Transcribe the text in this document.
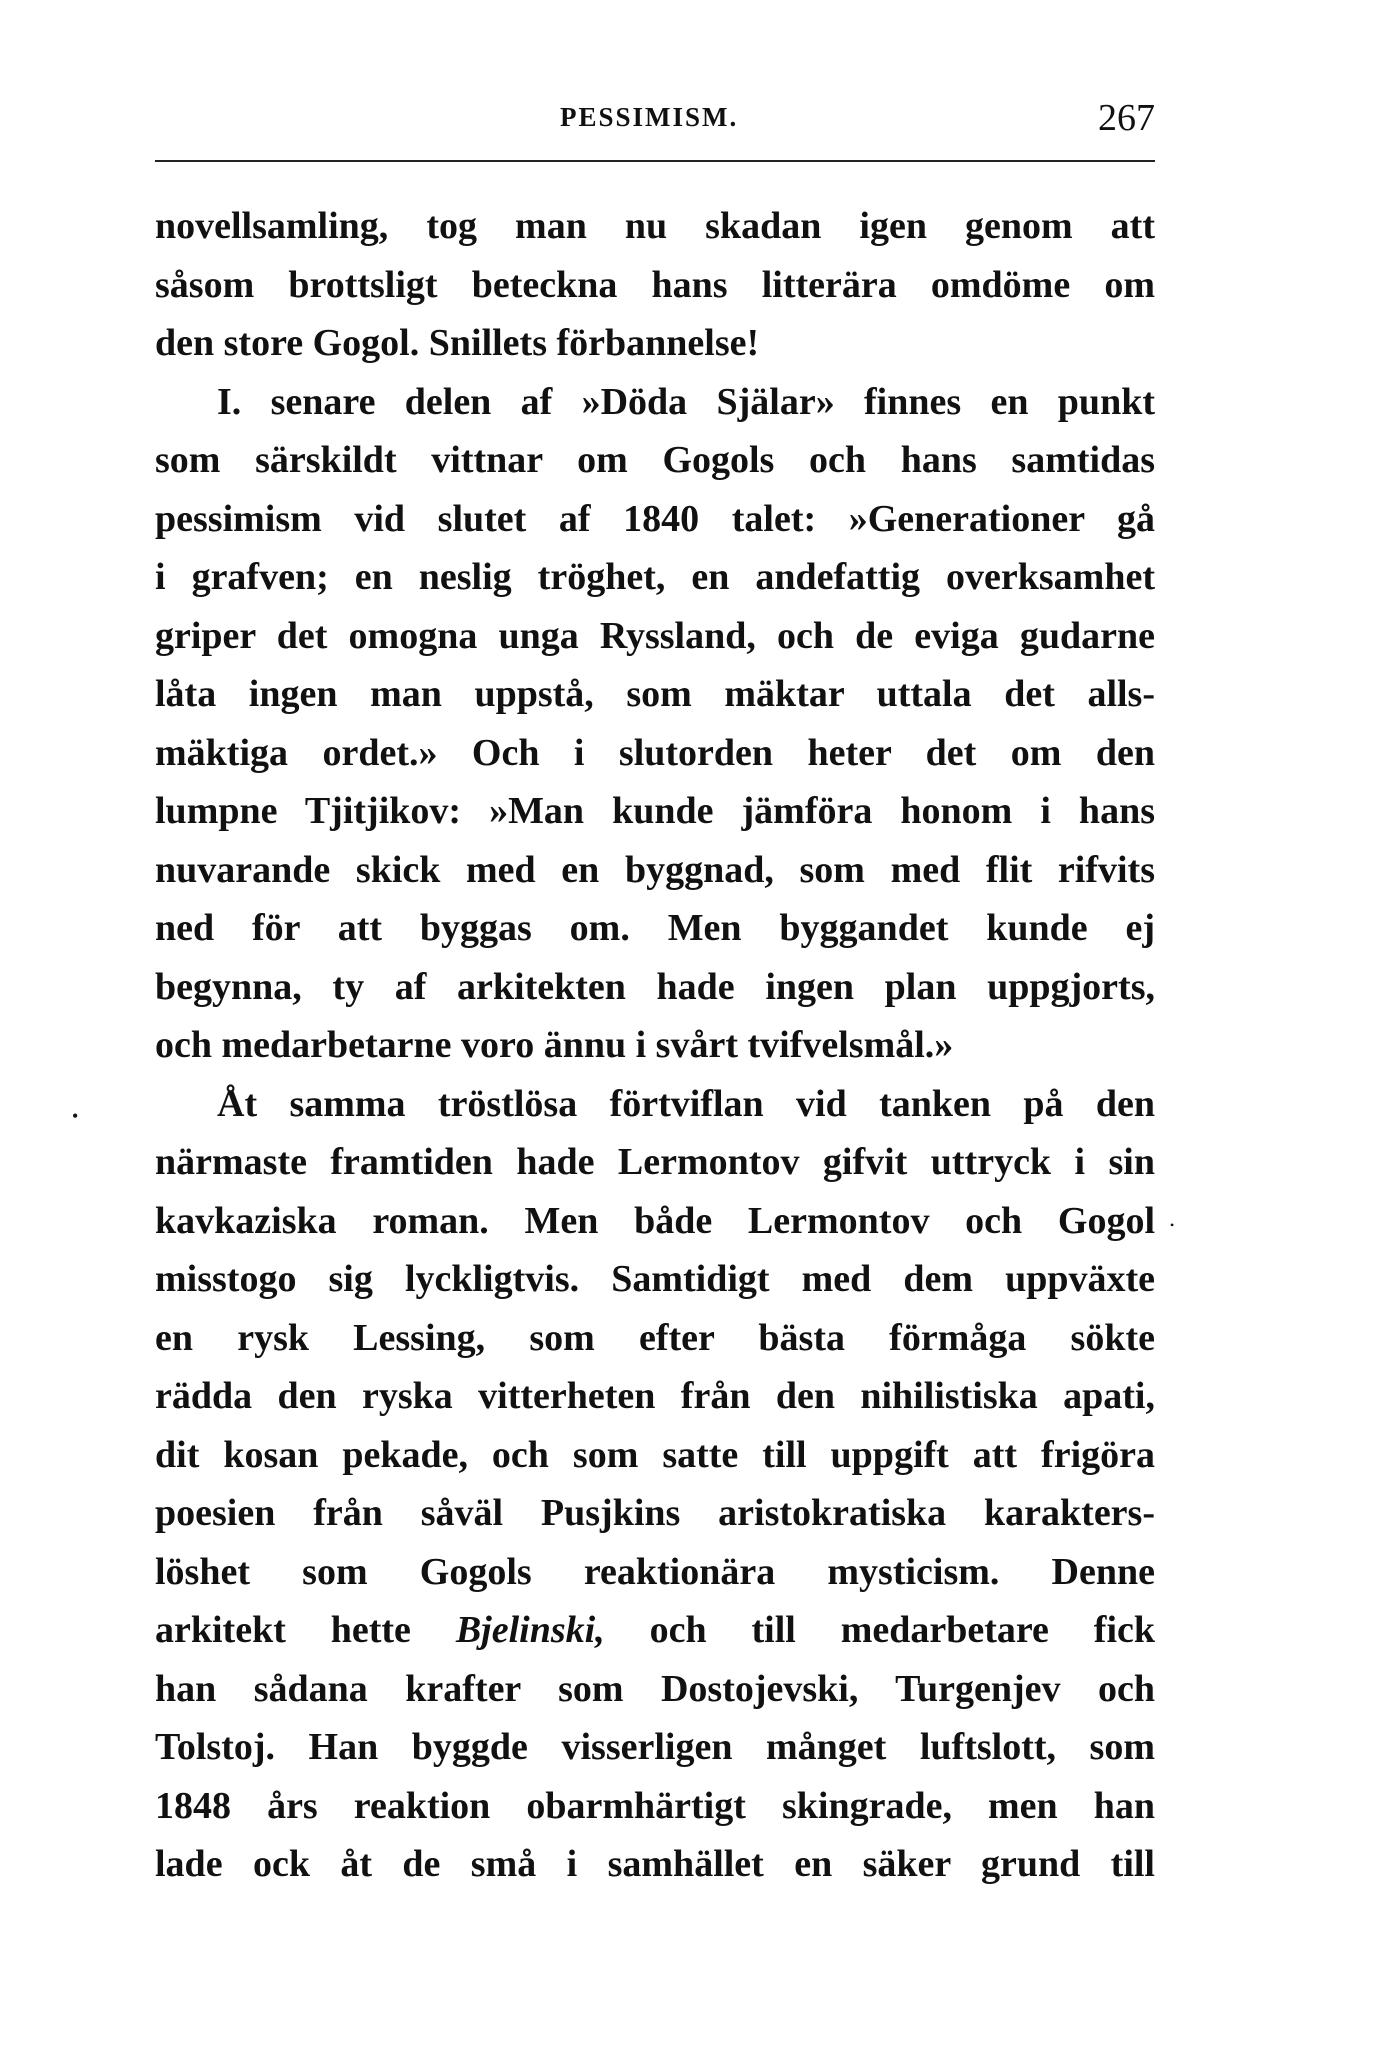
PESSIMISM.	267
novellsamling, tog man nu skadan igen genom att
såsom brottsligt beteckna hans litterära omdöme om
den store Gogol. Snillets förbannelse!
I. senare delen af »Döda Själar» finnes en punkt
som särskildt vittnar om Gogols och hans samtidas
pessimism vid slutet af 1840 talet: »Generationer gå
i grafven; en neslig tröghet, en andefattig overksamhet
griper det omogna unga Ryssland, och de eviga gudarne
låta ingen man uppstå, som mäktar uttala det alls-
mäktiga ordet.» Och i slutorden heter det om den
lumpne Tjitjikov: »Man kunde jämföra honom i hans
nuvarande skick med en byggnad, som med flit rifvits
ned för att byggas om. Men byggandet kunde ej
begynna, ty af arkitekten hade ingen plan uppgjorts,
och medarbetarne voro ännu i svårt tvifvelsmål.»
Åt samma tröstlösa förtviflan vid tanken på den
närmaste framtiden hade Lermontov gifvit uttryck i sin
kavkaziska roman. Men både Lermontov och Gogol
misstogo sig lyckligtvis. Samtidigt med dem uppväxte
en rysk Lessing, som efter bästa förmåga sökte
rädda den ryska vitterheten från den nihilistiska apati,
dit kosan pekade, och som satte till uppgift att frigöra
poesien från såväl Pusjkins aristokratiska karakters-
löshet som Gogols reaktionära mysticism. Denne
arkitekt hette Bjelinski, och till medarbetare fick
han sådana krafter som Dostojevski, Turgenjev och
Tolstoj. Han byggde visserligen månget luftslott, som
1848 års reaktion obarmhärtigt skingrade, men han
lade ock åt de små i samhället en säker grund till
•
•
